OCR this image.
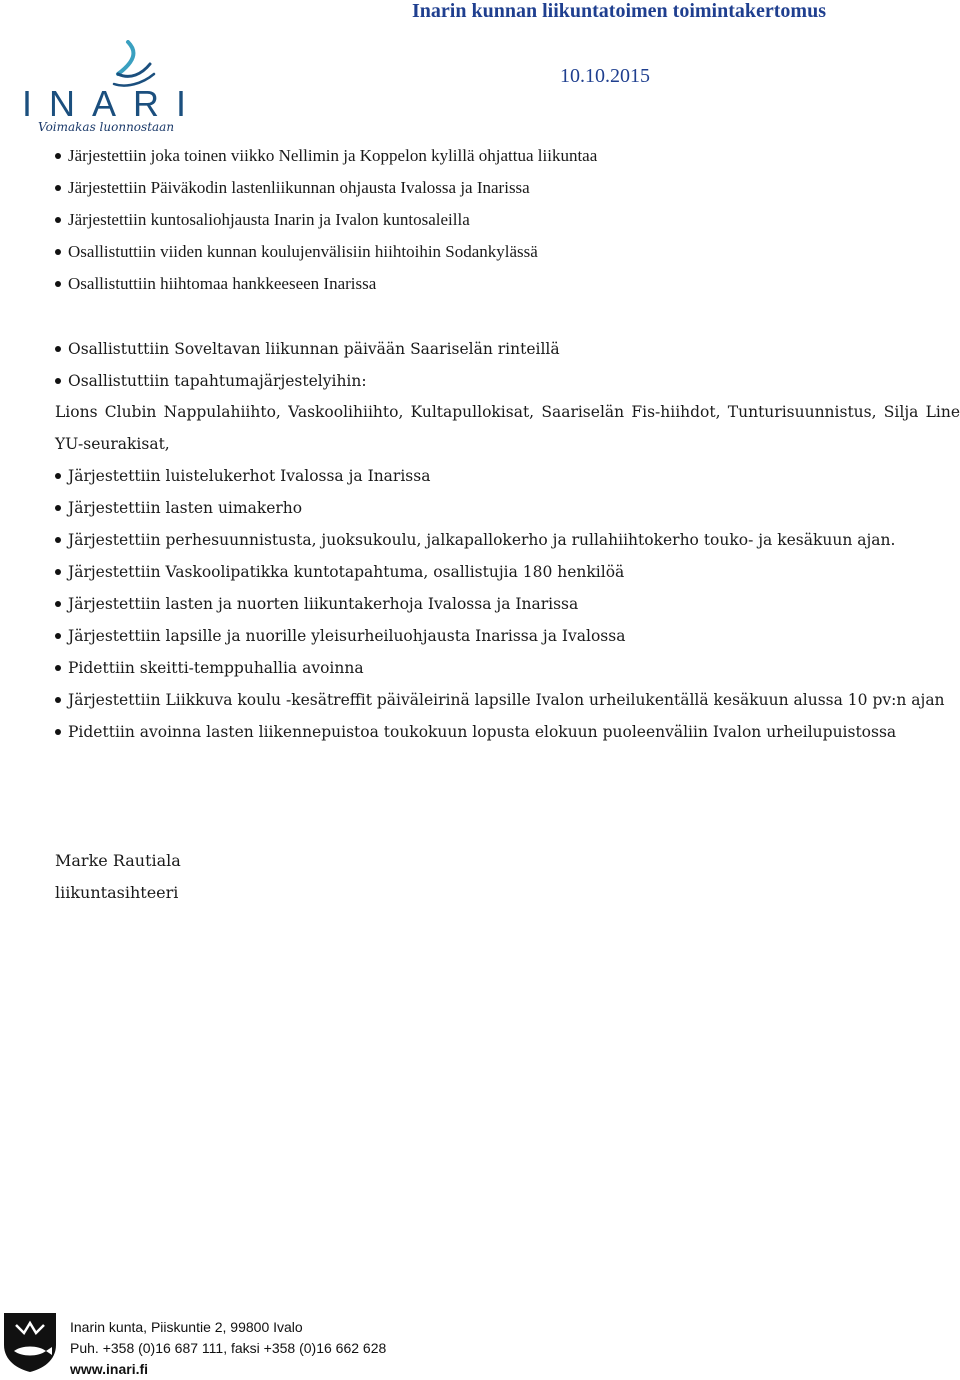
Inarin kunnan liikuntatoimen toimintakertomus
10.10.2015
INARI
Voimakas luonnostaan
Järjestettiin joka toinen viikko Nellimin ja Koppelon kylillä ohjattua liikuntaa
Järjestettiin Päiväkodin lastenliikunnan ohjausta Ivalossa ja Inarissa
Järjestettiin kuntosaliohjausta Inarin ja Ivalon kuntosaleilla
Osallistuttiin viiden kunnan koulujenvälisiin hiihtoihin Sodankylässä
Osallistuttiin hiihtomaa hankkeeseen Inarissa
Osallistuttiin Soveltavan liikunnan päivään Saariselän rinteillä
Osallistuttiin tapahtumajärjestelyihin:
Lions Clubin Nappulahiihto, Vaskoolihiihto, Kultapullokisat, Saariselän Fis-hiihdot, Tunturisuunnistus, Silja Line YU-seurakisat,
Järjestettiin luistelukerhot Ivalossa ja Inarissa
Järjestettiin lasten uimakerho
Järjestettiin perhesuunnistusta, juoksukoulu, jalkapallokerho ja rullahiihtokerho touko- ja kesäkuun ajan.
Järjestettiin Vaskoolipatikka kuntotapahtuma, osallistujia 180 henkilöä
Järjestettiin lasten ja nuorten liikuntakerhoja Ivalossa ja Inarissa
Järjestettiin lapsille ja nuorille yleisurheiluohjausta Inarissa ja Ivalossa
Pidettiin skeitti-temppuhallia avoinna
Järjestettiin Liikkuva koulu -kesätreffit päiväleirinä lapsille Ivalon urheilukentällä kesäkuun alussa 10 pv:n ajan
Pidettiin avoinna lasten liikennepuistoa toukokuun lopusta elokuun puoleenväliin Ivalon urheilupuistossa
Marke Rautiala
liikuntasihteeri
Inarin kunta, Piiskuntie 2, 99800 Ivalo
Puh. +358 (0)16 687 111, faksi +358 (0)16 662 628
www.inari.fi
